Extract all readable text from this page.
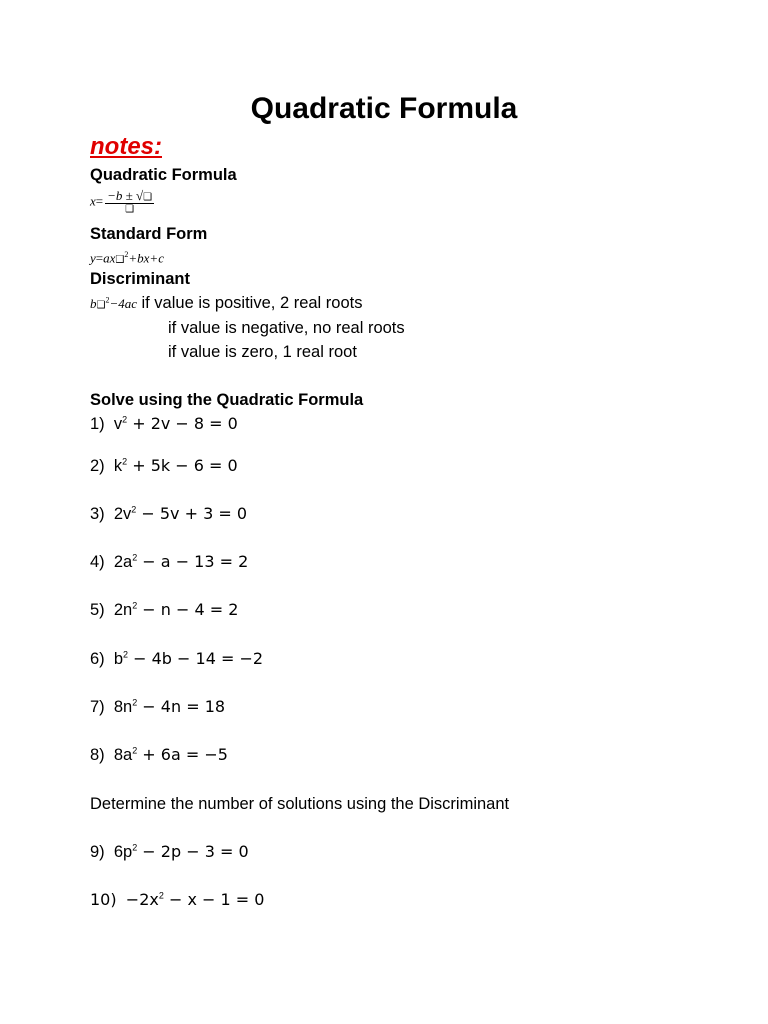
Quadratic Formula
notes:
Quadratic Formula
$x= \frac{-b \pm √❑}{❑}$
Standard Form
y=ax❑$^2$+bx+c
Discriminant
b❑$^2$−4ac if value is positive, 2 real roots
if value is negative, no real roots
if value is zero, 1 real root
Solve using the Quadratic Formula
1) $v^2 + 2v - 8 = 0$
2) $k^2 + 5k - 6 = 0$
3) $2v^2 - 5v + 3 = 0$
4) $2a^2 - a - 13 = 2$
5) $2n^2 - n - 4 = 2$
6) $b^2 - 4b - 14 = -2$
7) $8n^2 - 4n = 18$
8) $8a^2 + 6a = -5$
Determine the number of solutions using the Discriminant
9) $6p^2 - 2p - 3 = 0$
$10) -2x^2 - x - 1 = 0$
